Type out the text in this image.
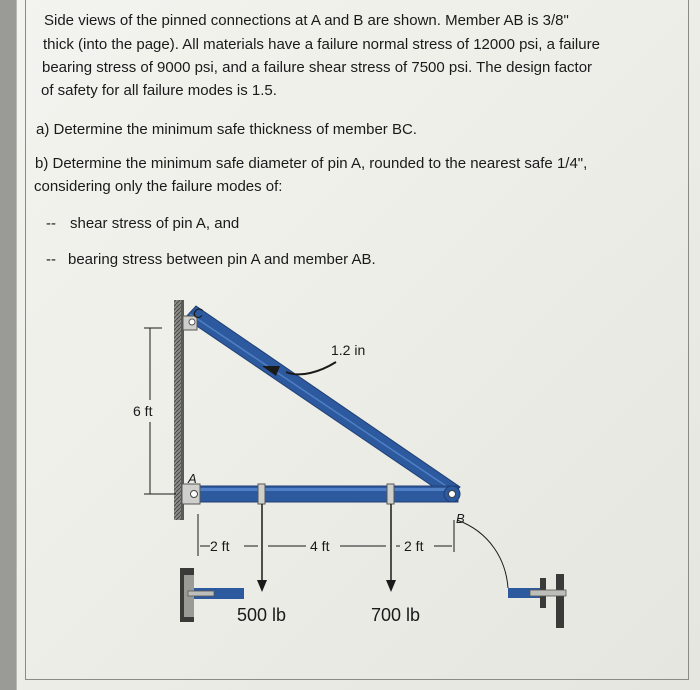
Side views of the pinned connections at A and B are shown. Member AB is 3/8"
thick (into the page). All materials have a failure normal stress of 12000 psi, a failure
bearing stress of 9000 psi, and a failure shear stress of 7500 psi. The design factor
of safety for all failure modes is 1.5.
a) Determine the minimum safe thickness of member BC.
b) Determine the minimum safe diameter of pin A, rounded to the nearest safe 1/4",
considering only the failure modes of:
-- shear stress of pin A, and
-- bearing stress between pin A and member AB.
6 ft
2 ft	4 ft	2 ft
1.2 in
C
A
B
500 lb	700 lb
